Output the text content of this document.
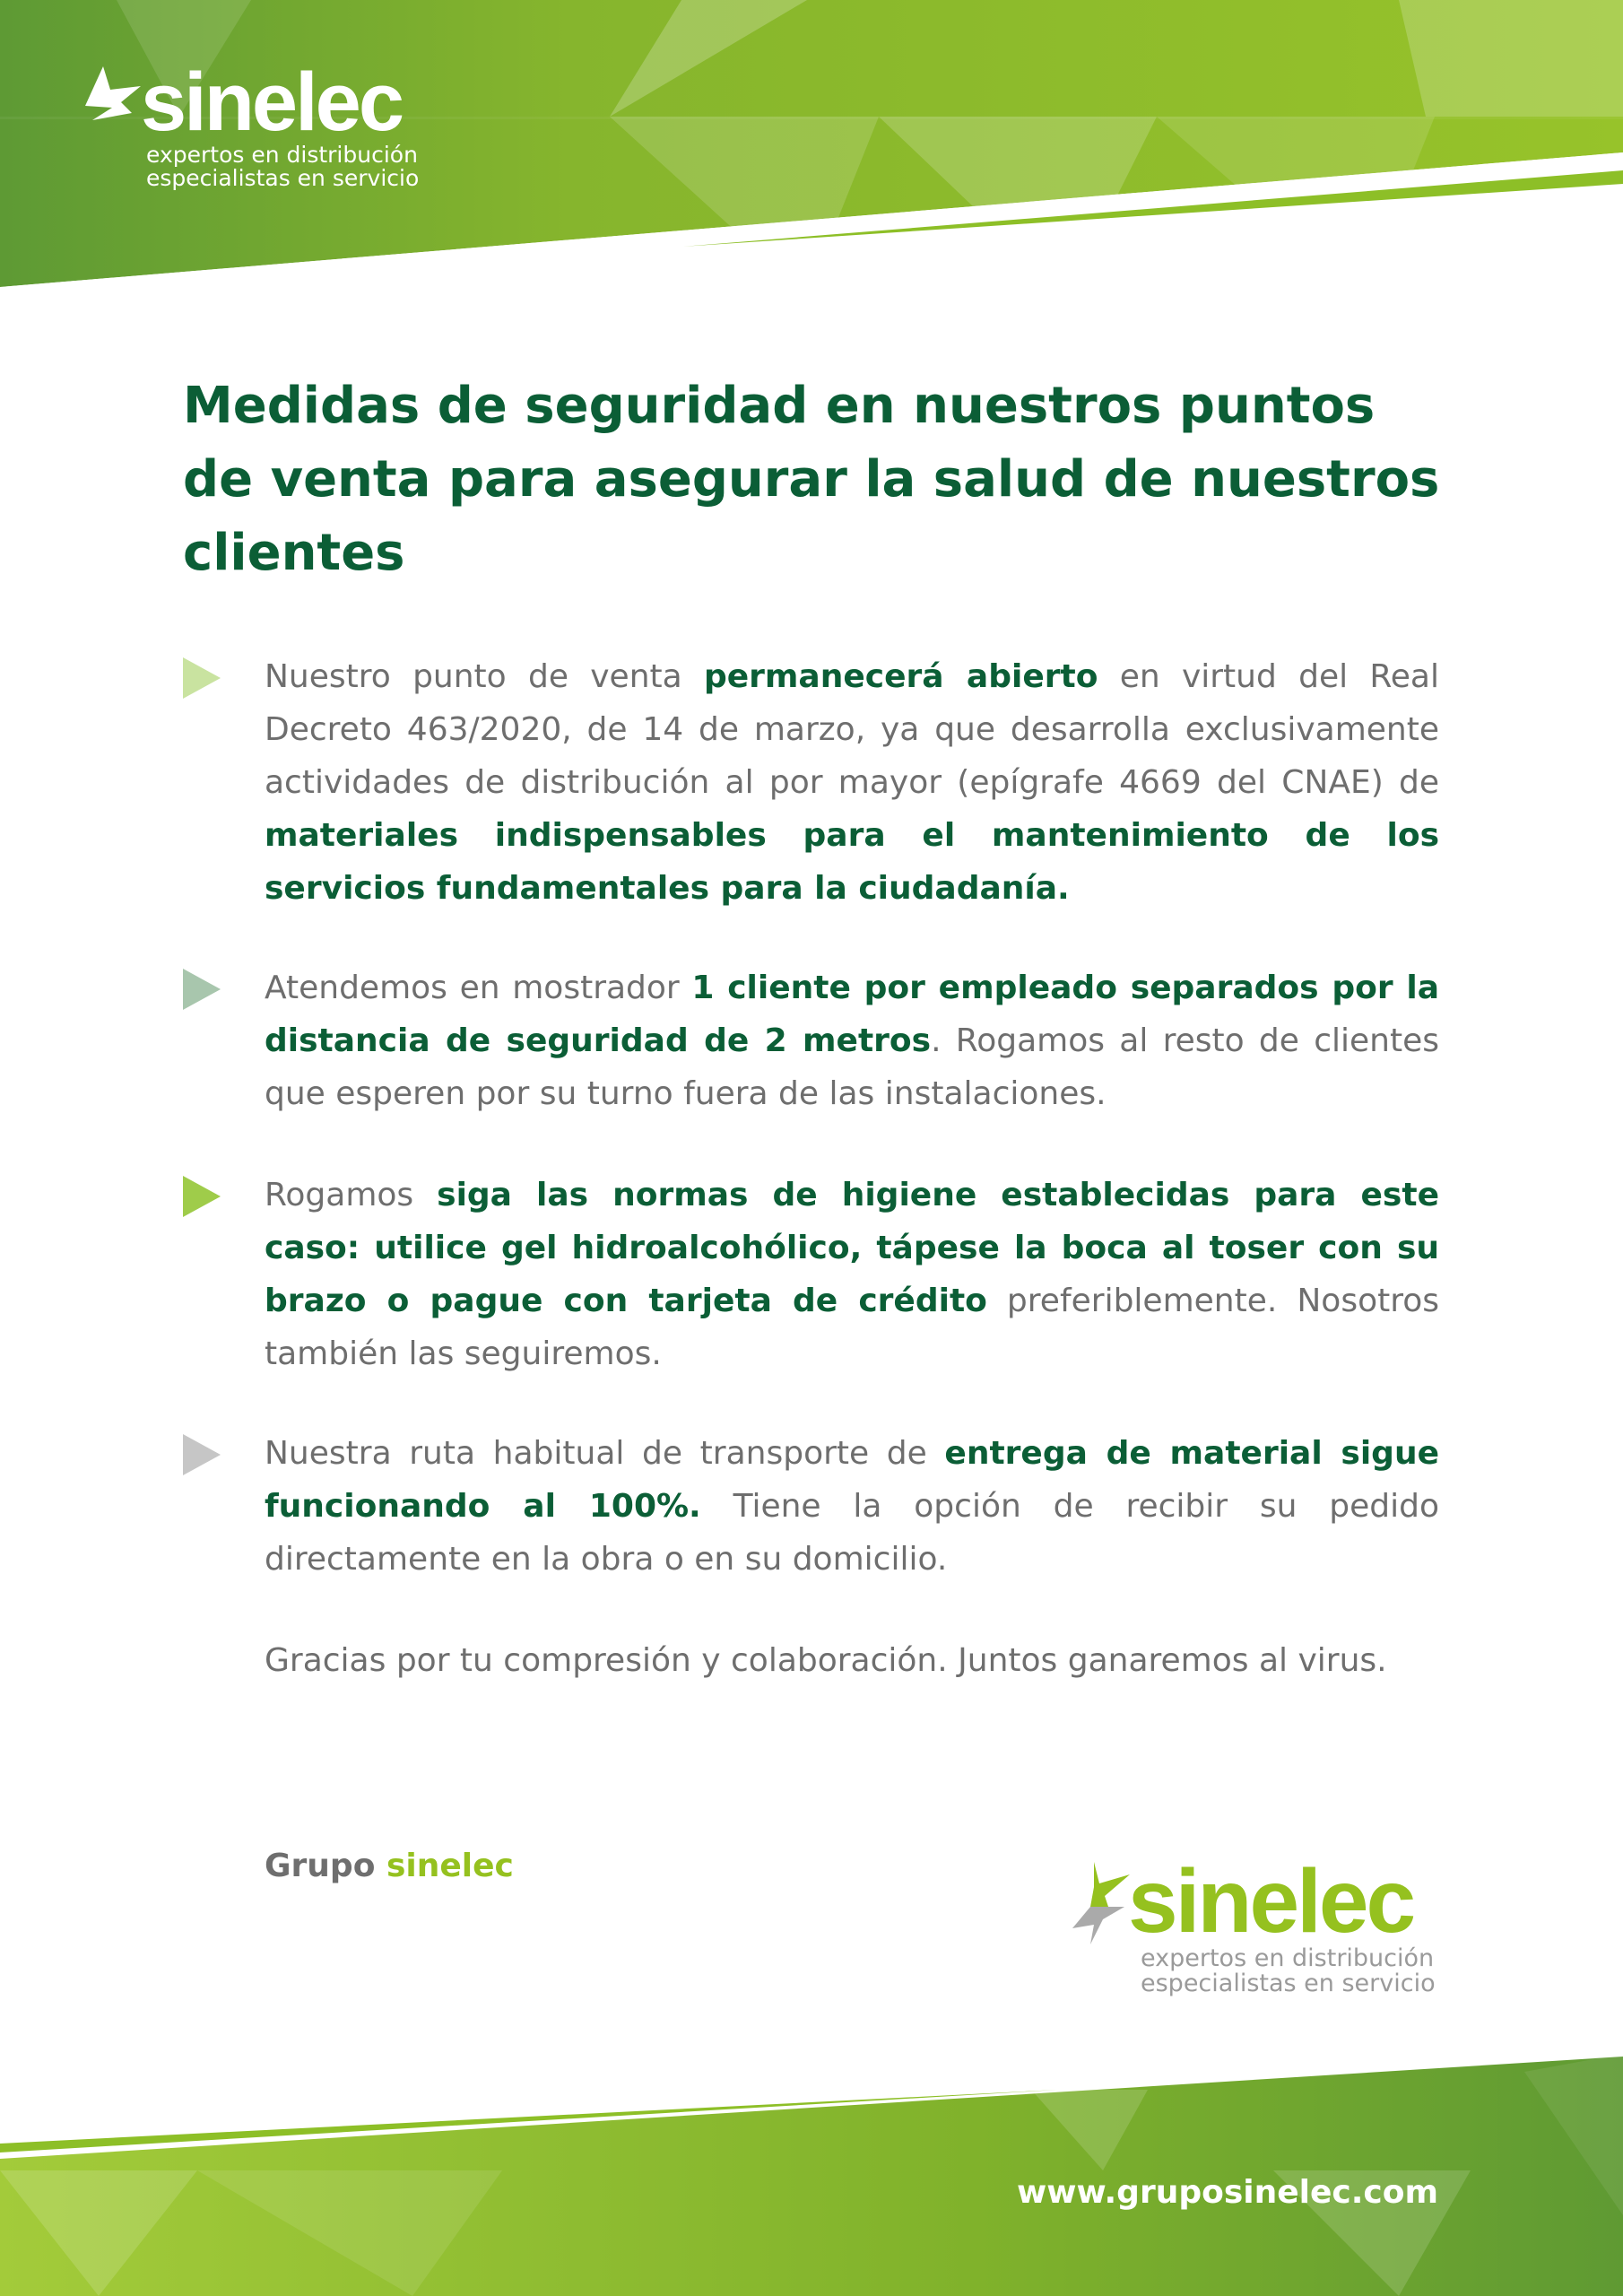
sinelec
expertos en distribución
especialistas en servicio
Medidas de seguridad en nuestros puntos de venta para asegurar la salud de nuestros clientes
Nuestro punto de venta permanecerá abierto en virtud del Real Decreto 463/2020, de 14 de marzo, ya que desarrolla exclusivamente actividades de distribución al por mayor (epígrafe 4669 del CNAE) de materiales indispensables para el mantenimiento de los servicios fundamentales para la ciudadanía.
Atendemos en mostrador 1 cliente por empleado separados por la distancia de seguridad de 2 metros. Rogamos al resto de clientes que esperen por su turno fuera de las instalaciones.
Rogamos siga las normas de higiene establecidas para este caso: utilice gel hidroalcohólico, tápese la boca al toser con su brazo o pague con tarjeta de crédito preferiblemente. Nosotros también las seguiremos.
Nuestra ruta habitual de transporte de entrega de material sigue funcionando al 100%. Tiene la opción de recibir su pedido directamente en la obra o en su domicilio.
Gracias por tu compresión y colaboración. Juntos ganaremos al virus.
Grupo sinelec	sinelec
expertos en distribución
especialistas en servicio
www.gruposinelec.com
